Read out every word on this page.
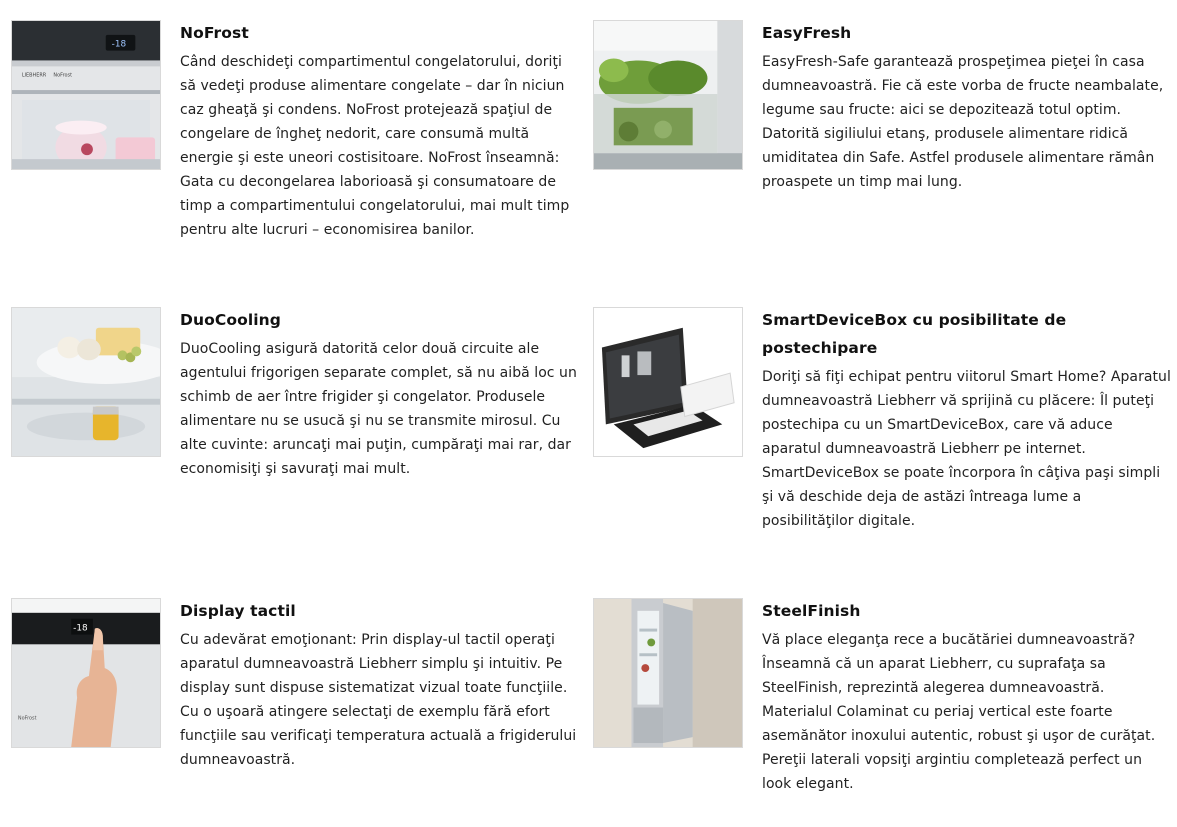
-18
LIEBHERR NoFrost
NoFrost

Când deschideţi compartimentul congelatorului, doriţi să vedeţi produse alimentare congelate – dar în niciun caz gheaţă şi condens. NoFrost protejează spaţiul de congelare de îngheţ nedorit, care consumă multă energie şi este uneori costisitoare. NoFrost înseamnă: Gata cu decongelarea laborioasă şi consumatoare de timp a compartimentului congelatorului, mai mult timp pentru alte lucruri – economisirea banilor.

EasyFresh

EasyFresh-Safe garantează prospeţimea pieţei în casa dumneavoastră. Fie că este vorba de fructe neambalate, legume sau fructe: aici se depozitează totul optim. Datorită sigiliului etanş, produsele alimentare ridică umiditatea din Safe. Astfel produsele alimentare rămân proaspete un timp mai lung.

DuoCooling

DuoCooling asigură datorită celor două circuite ale agentului frigorigen separate complet, să nu aibă loc un schimb de aer între frigider şi congelator. Produsele alimentare nu se usucă şi nu se transmite mirosul. Cu alte cuvinte: aruncaţi mai puţin, cumpăraţi mai rar, dar economisiţi şi savuraţi mai mult.

SmartDeviceBox cu posibilitate de postechipare

Doriţi să fiţi echipat pentru viitorul Smart Home? Aparatul dumneavoastră Liebherr vă sprijină cu plăcere: Îl puteţi postechipa cu un SmartDeviceBox, care vă aduce aparatul dumneavoastră Liebherr pe internet. SmartDeviceBox se poate încorpora în câţiva paşi simpli şi vă deschide deja de astăzi întreaga lume a posibilităţilor digitale.

-18
NoFrost
Display tactil

Cu adevărat emoţionant: Prin display-ul tactil operaţi aparatul dumneavoastră Liebherr simplu şi intuitiv. Pe display sunt dispuse sistematizat vizual toate funcţiile. Cu o uşoară atingere selectaţi de exemplu fără efort funcţiile sau verificaţi temperatura actuală a frigiderului dumneavoastră.

SteelFinish

Vă place eleganţa rece a bucătăriei dumneavoastră? Înseamnă că un aparat Liebherr, cu suprafaţa sa SteelFinish, reprezintă alegerea dumneavoastră. Materialul Colaminat cu periaj vertical este foarte asemănător inoxului autentic, robust şi uşor de curăţat. Pereţii laterali vopsiţi argintiu completează perfect un look elegant.
